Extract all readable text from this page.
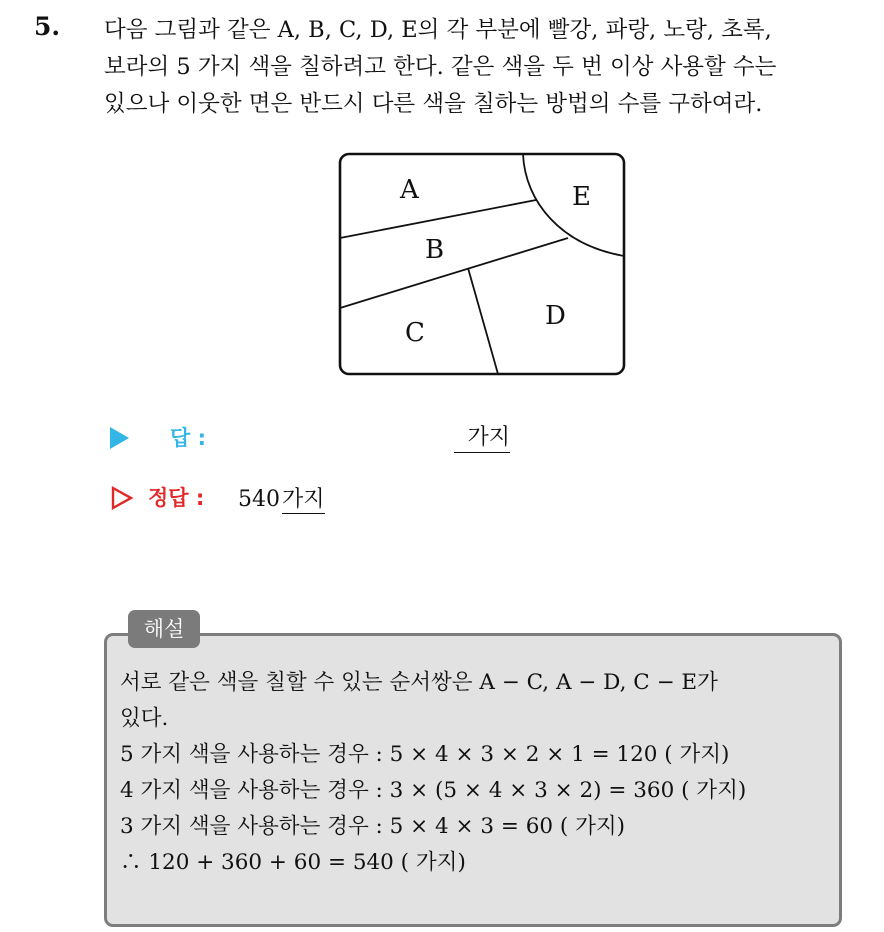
5. 다음 그림과 같은 A, B, C, D, E의 각 부분에 빨강, 파랑, 노랑, 초록,
보라의 5 가지 색을 칠하려고 한다. 같은 색을 두 번 이상 사용할 수는
있으나 이웃한 면은 반드시 다른 색을 칠하는 방법의 수를 구하여라.
A
B
C
D
E
답 :	가지
정답 : 540가지
해설
서로 같은 색을 칠할 수 있는 순서쌍은 A − C, A − D, C − E가
있다.
5 가지 색을 사용하는 경우 : 5 × 4 × 3 × 2 × 1 = 120 ( 가지)
4 가지 색을 사용하는 경우 : 3 × (5 × 4 × 3 × 2) = 360 ( 가지)
3 가지 색을 사용하는 경우 : 5 × 4 × 3 = 60 ( 가지)
∴ 120 + 360 + 60 = 540 ( 가지)
